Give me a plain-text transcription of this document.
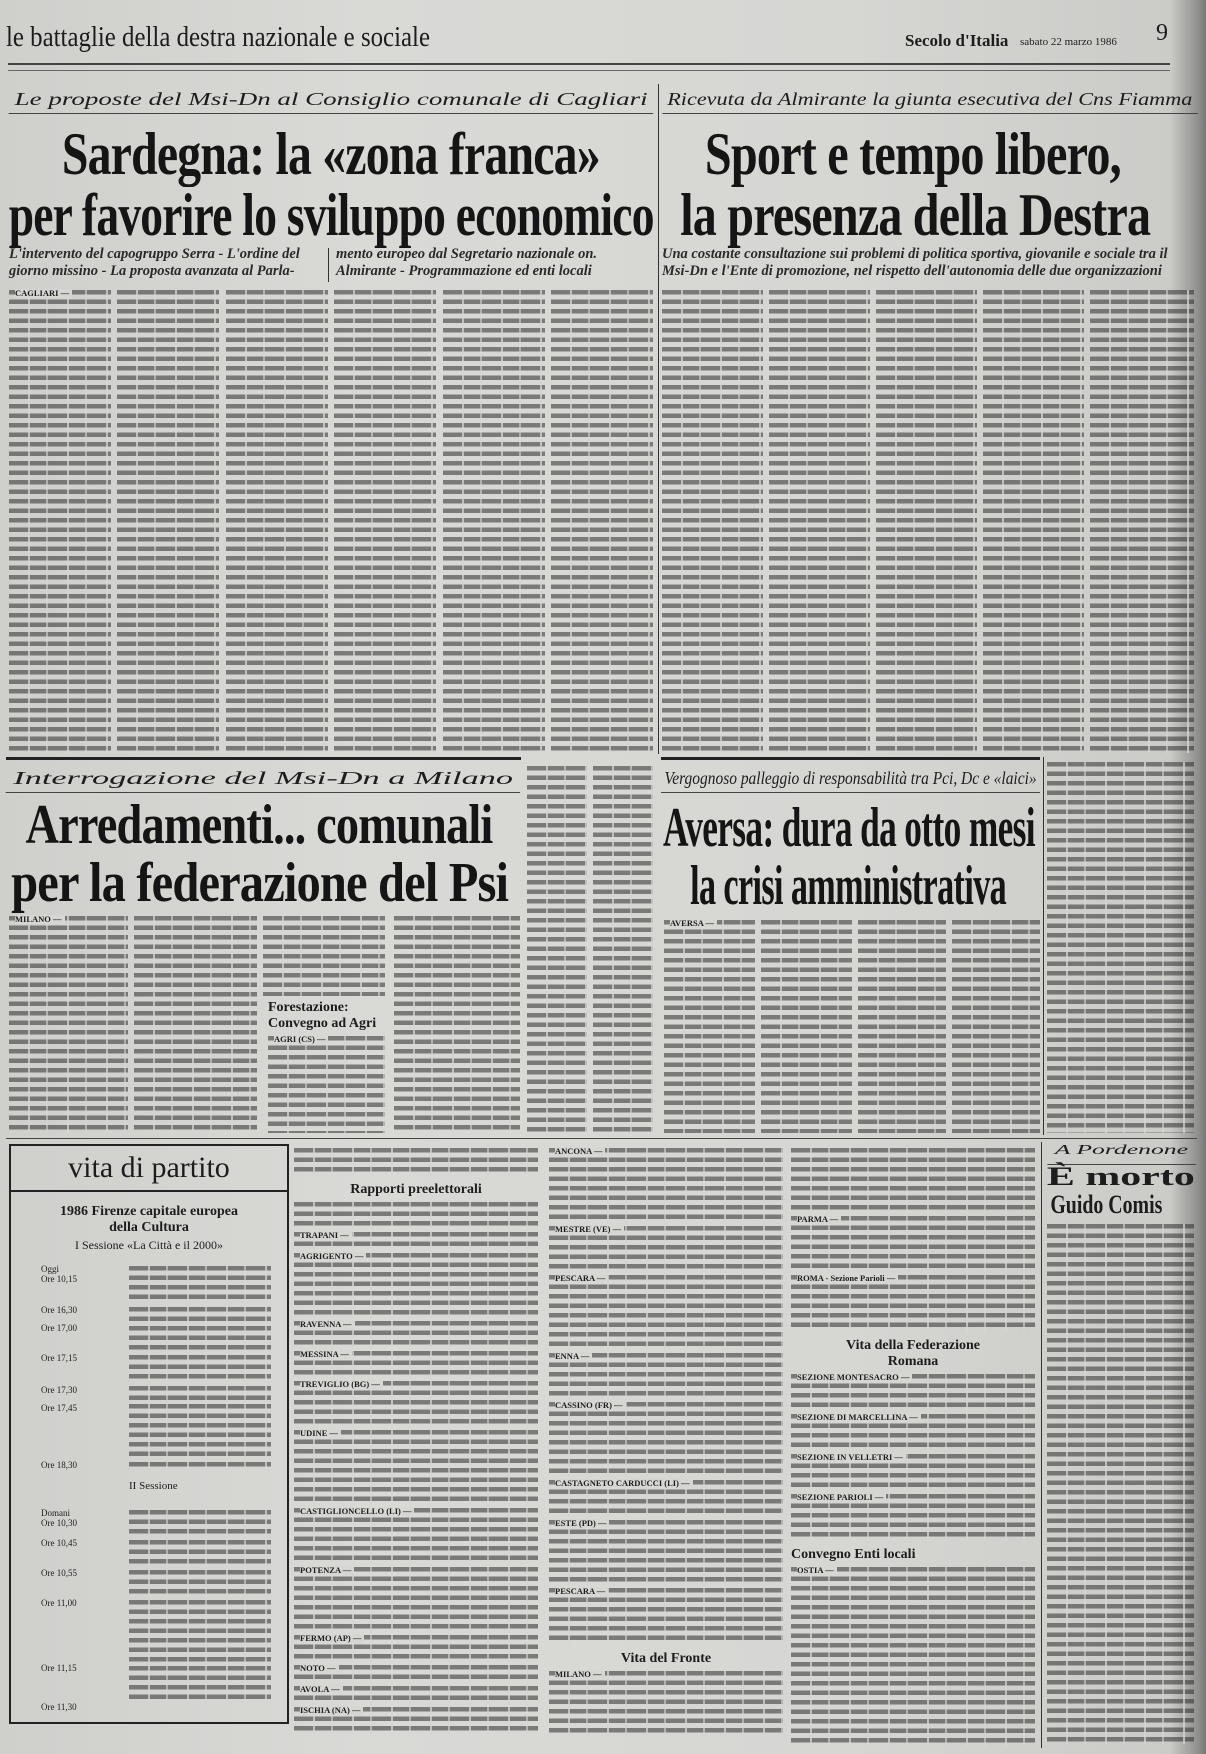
le battaglie della destra nazionale e sociale	Secolo d'Italia sabato 22 marzo 1986 9
Le proposte del Msi-Dn al Consiglio comunale di Cagliari
Sardegna: la «zona franca»
per favorire lo sviluppo economico
L'intervento del capogruppo Serra - L'ordine del giorno missino - La proposta avanzata al Parla-
mento europeo dal Segretario nazionale on. Almirante - Programmazione ed enti locali
CAGLIARI —
Ricevuta da Almirante la giunta esecutiva del Cns Fiamma
Sport e tempo libero,
la presenza della Destra
Una costante consultazione sui problemi di politica sportiva, giovanile e sociale tra il Msi-Dn e l'Ente di promozione, nel rispetto dell'autonomia delle due organizzazioni
Interrogazione del Msi-Dn a Milano
Arredamenti... comunali
per la federazione del Psi
MILANO —
Forestazione:
Convegno ad Agri
AGRI (CS) —
Vergognoso palleggio di responsabilità tra Pci, Dc e «laici»
Aversa: dura da otto mesi
la crisi amministrativa
AVERSA —
vita di partito
1986 Firenze capitale europea
della Cultura
I Sessione «La Città e il 2000»
Oggi
Ore 10,15
Ore 16,30
Ore 17,00
Ore 17,15
Ore 17,30
Ore 17,45
Ore 18,30
II Sessione
Domani
Ore 10,30
Ore 10,45
Ore 10,55
Ore 11,00
Ore 11,15
Ore 11,30
Rapporti preelettorali
TRAPANI —
AGRIGENTO —
RAVENNA —
MESSINA —
TREVIGLIO (BG) —
UDINE —
CASTIGLIONCELLO (LI) —
POTENZA —
FERMO (AP) —
NOTO —
AVOLA —
ISCHIA (NA) —
ANCONA —
MESTRE (VE) —
PESCARA —
ENNA —
CASSINO (FR) —
CASTAGNETO CARDUCCI (LI) —
ESTE (PD) —
PESCARA —
Vita del Fronte
MILANO —
PARMA —
ROMA - Sezione Parioli —
Vita della Federazione
Romana
SEZIONE MONTESACRO —
SEZIONE DI MARCELLINA —
SEZIONE IN VELLETRI —
SEZIONE PARIOLI —
Convegno Enti locali
OSTIA —
A Pordenone
È morto
Guido Comis
